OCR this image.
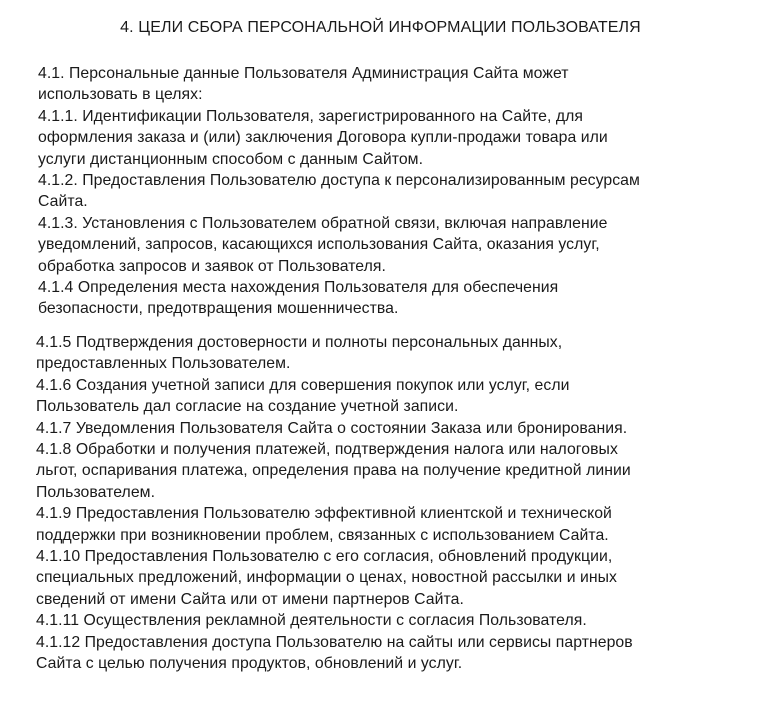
4. ЦЕЛИ СБОРА ПЕРСОНАЛЬНОЙ ИНФОРМАЦИИ ПОЛЬЗОВАТЕЛЯ
4.1. Персональные данные Пользователя Администрация Сайта может
использовать в целях:
4.1.1. Идентификации Пользователя, зарегистрированного на Сайте, для
оформления заказа и (или) заключения Договора купли-продажи товара или
услуги дистанционным способом с данным Сайтом.
4.1.2. Предоставления Пользователю доступа к персонализированным ресурсам
Сайта.
4.1.3. Установления с Пользователем обратной связи, включая направление
уведомлений, запросов, касающихся использования Сайта, оказания услуг,
обработка запросов и заявок от Пользователя.
4.1.4 Определения места нахождения Пользователя для обеспечения
безопасности, предотвращения мошенничества.
4.1.5 Подтверждения достоверности и полноты персональных данных,
предоставленных Пользователем.
4.1.6 Создания учетной записи для совершения покупок или услуг, если
Пользователь дал согласие на создание учетной записи.
4.1.7 Уведомления Пользователя Сайта о состоянии Заказа или бронирования.
4.1.8 Обработки и получения платежей, подтверждения налога или налоговых
льгот, оспаривания платежа, определения права на получение кредитной линии
Пользователем.
4.1.9 Предоставления Пользователю эффективной клиентской и технической
поддержки при возникновении проблем, связанных с использованием Сайта.
4.1.10 Предоставления Пользователю с его согласия, обновлений продукции,
специальных предложений, информации о ценах, новостной рассылки и иных
сведений от имени Сайта или от имени партнеров Сайта.
4.1.11 Осуществления рекламной деятельности с согласия Пользователя.
4.1.12 Предоставления доступа Пользователю на сайты или сервисы партнеров
Сайта с целью получения продуктов, обновлений и услуг.
